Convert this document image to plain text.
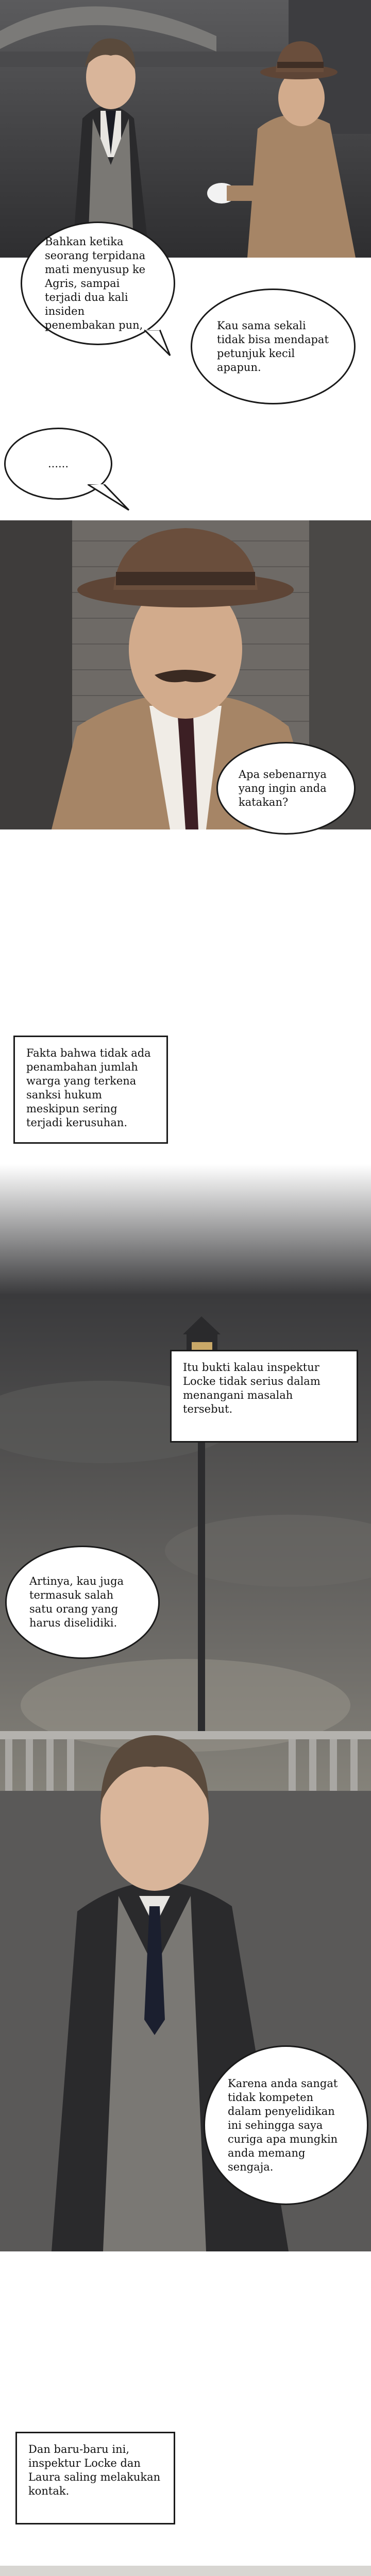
Bahkan ketika seorang terpidana mati menyusup ke Agris, sampai terjadi dua kali insiden penembakan pun,	Kau sama sekali tidak bisa mendapat petunjuk kecil apapun.
......
Apa sebenarnya yang ingin anda katakan?
Fakta bahwa tidak ada penambahan jumlah warga yang terkena sanksi hukum meskipun sering terjadi kerusuhan.
Itu bukti kalau inspektur Locke tidak serius dalam menangani masalah tersebut.
Artinya, kau juga termasuk salah satu orang yang harus diselidiki.
Karena anda sangat tidak kompeten dalam penyelidikan ini sehingga saya curiga apa mungkin anda memang sengaja.
Dan baru-baru ini, inspektur Locke dan Laura saling melakukan kontak.
